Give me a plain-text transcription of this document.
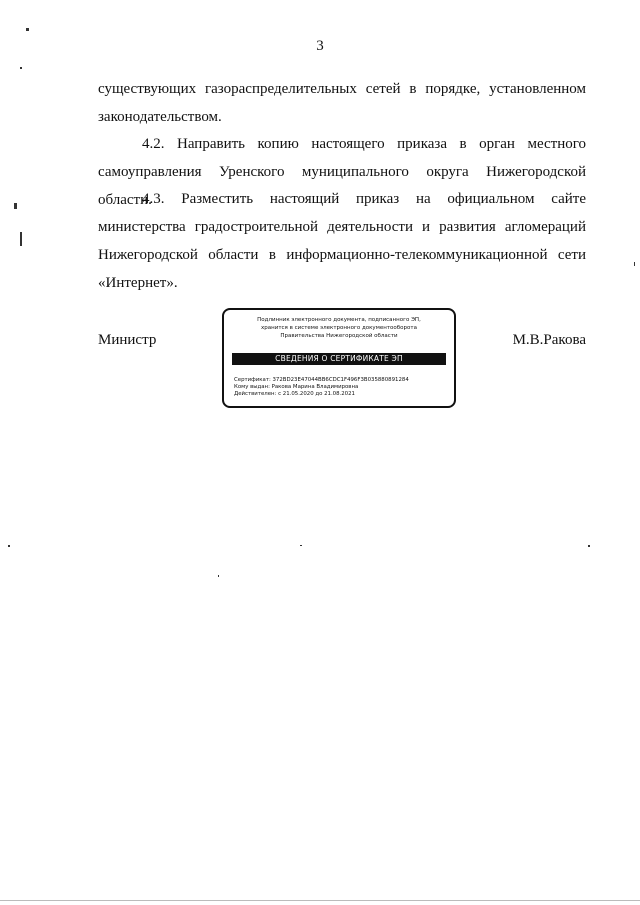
3
существующих газораспределительных сетей в порядке, установленном законодательством.
4.2. Направить копию настоящего приказа в орган местного самоуправления Уренского муниципального округа Нижегородской области.
4.3. Разместить настоящий приказ на официальном сайте министерства градостроительной деятельности и развития агломераций Нижегородской области в информационно-телекоммуникационной сети «Интернет».
Министр	М.В.Ракова
Подлинник электронного документа, подписанного ЭП,
хранится в системе электронного документооборота
Правительства Нижегородской области
СВЕДЕНИЯ О СЕРТИФИКАТЕ ЭП
Сертификат: 372BD23E47044BB6CDC1F496F3B035880891284
Кому выдан: Ракова Марина Владимировна
Действителен: с 21.05.2020 до 21.08.2021
